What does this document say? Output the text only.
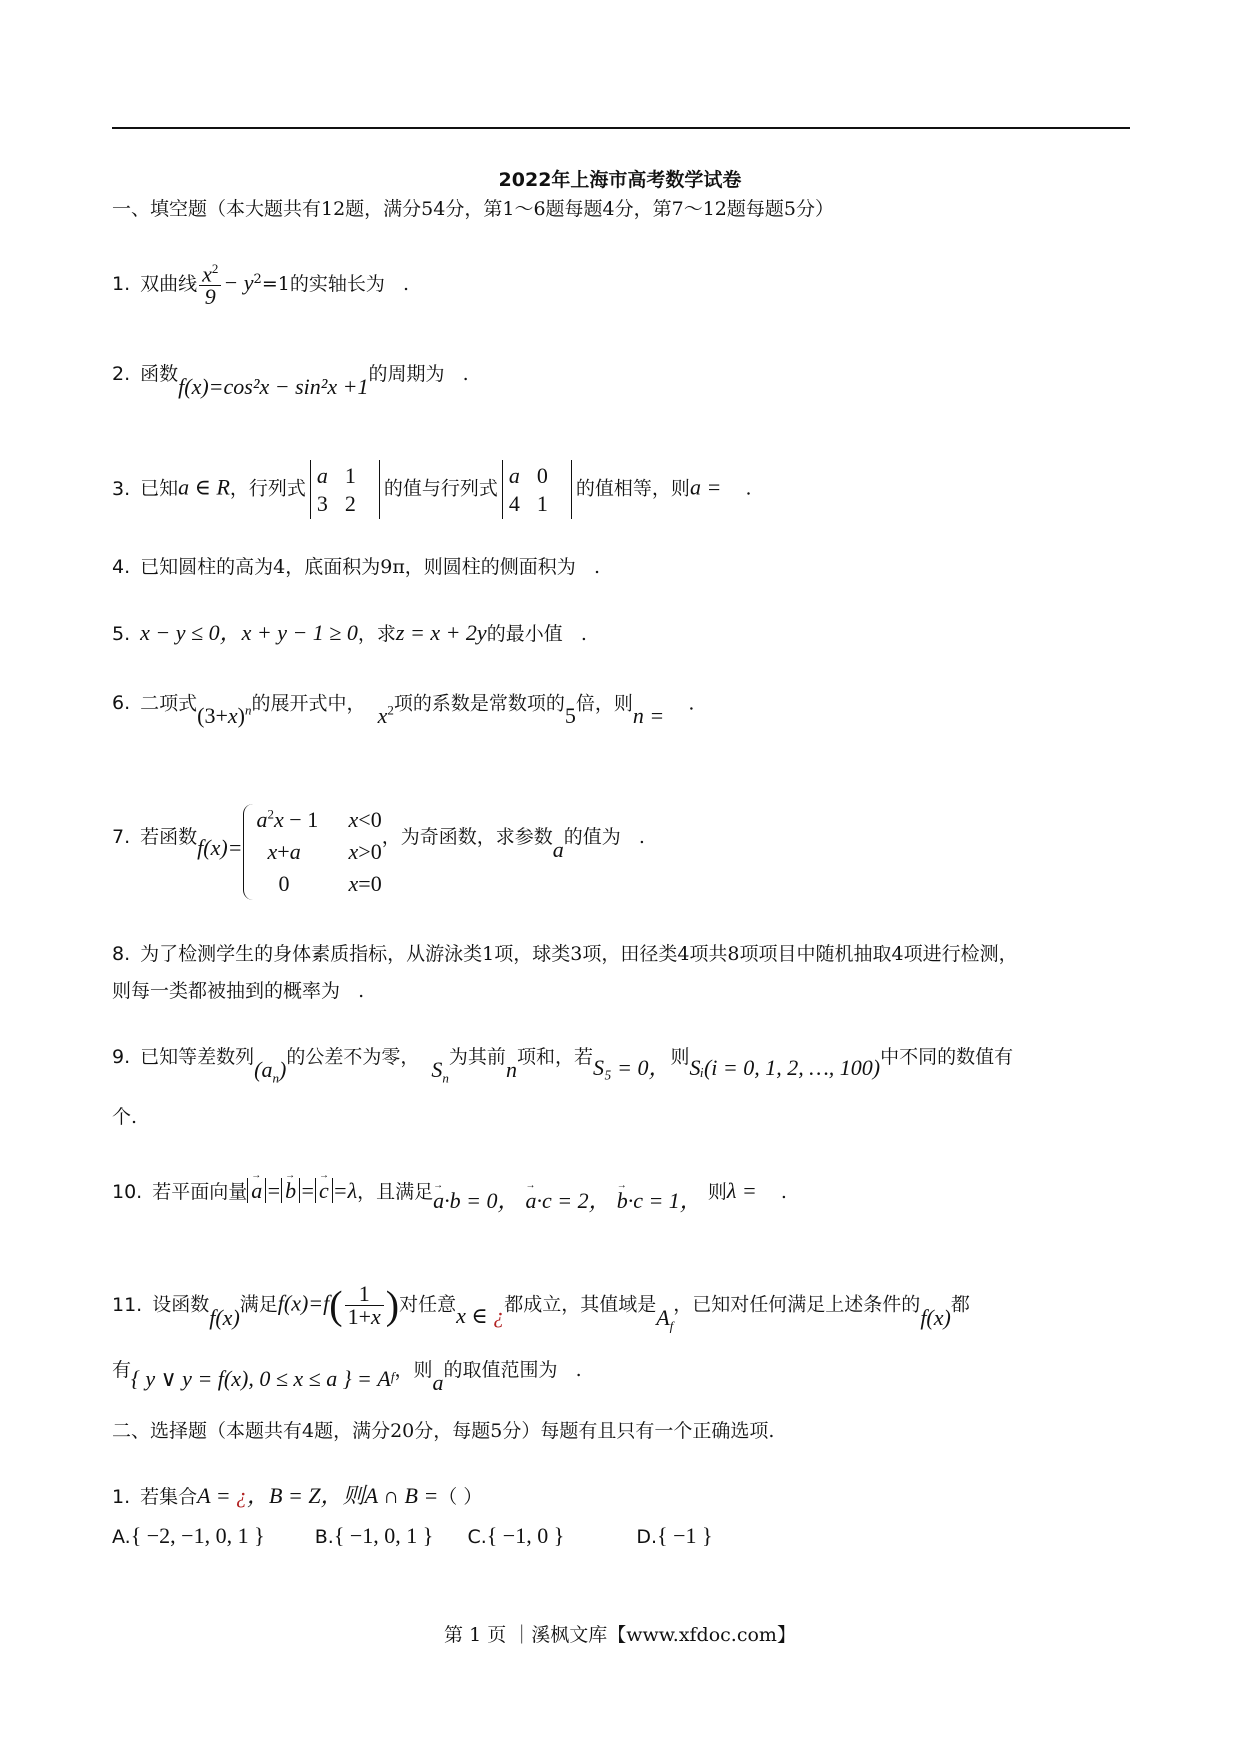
2022年上海市高考数学试卷
一、填空题（本大题共有12题，满分54分，第1～6题每题4分，第7～12题每题5分）
1. 双曲线 $\frac{x^2}{9} - y^2=1$的实轴长为 .
2. 函数f(x)=cos²x − sin²x +1的周期为 .
3. 已知a ∈ R，行列式a 1
3 2的值与行列式a 0
4 1的值相等，则a = .
4. 已知圆柱的高为4，底面积为9π，则圆柱的侧面积为 .
5. x − y ≤ 0，x + y − 1 ≥ 0，求z = x + 2y的最小值 .
6. 二项式$(3+x)^n$的展开式中， $x^2$项的系数是常数项的5倍，则n = .
7. 若函数f(x)=
$a^2x - 1$ x<0
x+a x>0
0	x=0，为奇函数，求参数a的值为 .
8. 为了检测学生的身体素质指标，从游泳类1项，球类3项，田径类4项共8项项目中随机抽取4项进行检测，
则每一类都被抽到的概率为 .
9. 已知等差数列$(a_n)$的公差不为零， $S_n$为其前n项和，若S₅ = 0，则Sᵢ(i = 0, 1, 2, …, 100)中不同的数值有
个.
10. 若平面向量 → a = → b = → c =λ，且满足→ a·b = 0， → a·c = 2， → b·c = 1， 则λ = .
11. 设函数f(x)满足$f(x)=f( \frac{1}{1+x}$ )对任意x ∈ ¿都成立，其值域是$A_f$，已知对任何满足上述条件的f(x)都
有{ y ∨ y = f(x), 0 ≤ x ≤ a } = $A_f$，则a的取值范围为 .
二、选择题（本题共有4题，满分20分，每题5分）每题有且只有一个正确选项.
1. 若集合A = ¿，B = Z，则A ∩ B =（ ）
A.{ −2, −1, 0, 1 }	B.{ −1, 0, 1 } C.{ −1, 0 }	D.{ −1 }
第 1 页 ｜溪枫文库【www.xfdoc.com】
